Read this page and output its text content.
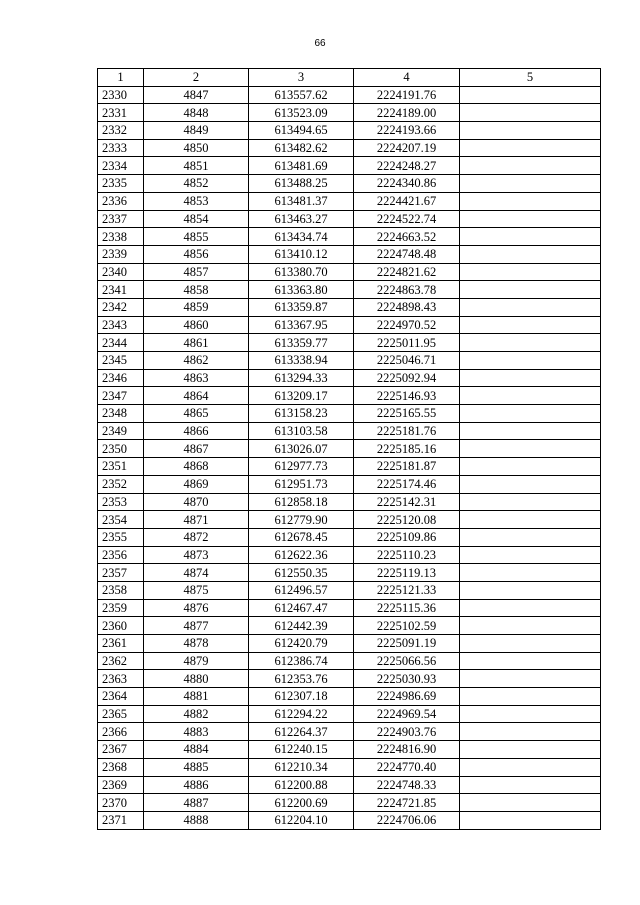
66
1	2	3	4	5
2330	4847	613557.62	2224191.76	
2331	4848	613523.09	2224189.00	
2332	4849	613494.65	2224193.66	
2333	4850	613482.62	2224207.19	
2334	4851	613481.69	2224248.27	
2335	4852	613488.25	2224340.86	
2336	4853	613481.37	2224421.67	
2337	4854	613463.27	2224522.74	
2338	4855	613434.74	2224663.52	
2339	4856	613410.12	2224748.48	
2340	4857	613380.70	2224821.62	
2341	4858	613363.80	2224863.78	
2342	4859	613359.87	2224898.43	
2343	4860	613367.95	2224970.52	
2344	4861	613359.77	2225011.95	
2345	4862	613338.94	2225046.71	
2346	4863	613294.33	2225092.94	
2347	4864	613209.17	2225146.93	
2348	4865	613158.23	2225165.55	
2349	4866	613103.58	2225181.76	
2350	4867	613026.07	2225185.16	
2351	4868	612977.73	2225181.87	
2352	4869	612951.73	2225174.46	
2353	4870	612858.18	2225142.31	
2354	4871	612779.90	2225120.08	
2355	4872	612678.45	2225109.86	
2356	4873	612622.36	2225110.23	
2357	4874	612550.35	2225119.13	
2358	4875	612496.57	2225121.33	
2359	4876	612467.47	2225115.36	
2360	4877	612442.39	2225102.59	
2361	4878	612420.79	2225091.19	
2362	4879	612386.74	2225066.56	
2363	4880	612353.76	2225030.93	
2364	4881	612307.18	2224986.69	
2365	4882	612294.22	2224969.54	
2366	4883	612264.37	2224903.76	
2367	4884	612240.15	2224816.90	
2368	4885	612210.34	2224770.40	
2369	4886	612200.88	2224748.33	
2370	4887	612200.69	2224721.85	
2371	4888	612204.10	2224706.06	
